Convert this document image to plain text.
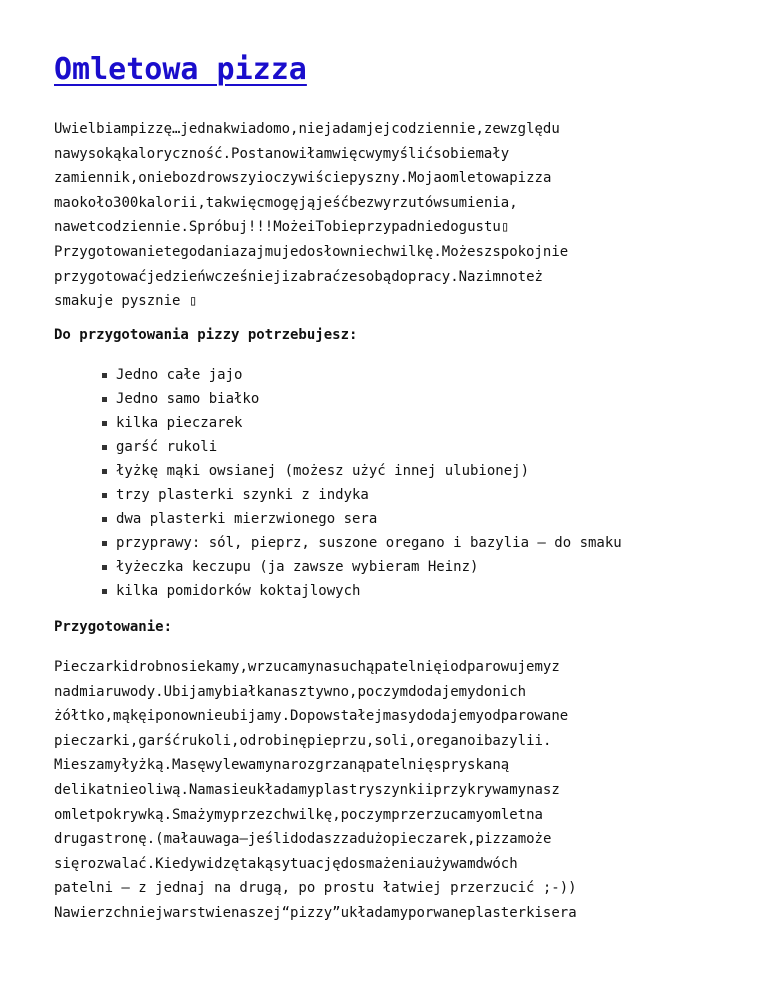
Omletowa pizza
Uwielbiampizzę…jednakwiadomo,niejadamjejcodziennie,zewzględu
nawysokąkaloryczność.Postanowiłamwięcwymyślićsobiemały
zamiennik,oniebozdrowszyioczywiściepyszny.Mojaomletowapizza
maokoło300kalorii,takwięcmogęjąjeśćbezwyrzutówsumienia,
nawetcodziennie.Spróbuj!!!MożeiTobieprzypadniedogustu▯
Przygotowanietegodaniazajmujedosłowniechwilkę.Możeszspokojnie
przygotowaćjedzieńwcześniejizabraćzesobądopracy.Nazimnoteż
smakuje pysznie ▯

Do przygotowania pizzy potrzebujesz:

Jedno całe jajo
Jedno samo białko
kilka pieczarek
garść rukoli
łyżkę mąki owsianej (możesz użyć innej ulubionej)
trzy plasterki szynki z indyka
dwa plasterki mierzwionego sera
przyprawy: sól, pieprz, suszone oregano i bazylia – do smaku
łyżeczka keczupu (ja zawsze wybieram Heinz)
kilka pomidorków koktajlowych

Przygotowanie:

Pieczarkidrobnosiekamy,wrzucamynasuchąpatelnięiodparowujemyz
nadmiaruwody.Ubijamybiałkanasztywno,poczymdodajemydonich
żółtko,mąkęiponownieubijamy.Dopowstałejmasydodajemyodparowane
pieczarki,garśćrukoli,odrobinępieprzu,soli,oreganoibazylii.
Mieszamyłyżką.Masęwylewamynarozgrzanąpatelnięspryskaną
delikatnieoliwą.Namasieukładamyplastryszynkiiprzykrywamynasz
omletpokrywką.Smażymyprzezchwilkę,poczymprzerzucamyomletna
drugastronę.(małauwaga–jeślidodaszzadużopieczarek,pizzamoże
sięrozwalać.Kiedywidzętakąsytuacjędosmażeniaużywamdwóch
patelni – z jednaj na drugą, po prostu łatwiej przerzucić ;-))
Nawierzchniejwarstwienaszej“pizzy”układamyporwaneplasterkisera
